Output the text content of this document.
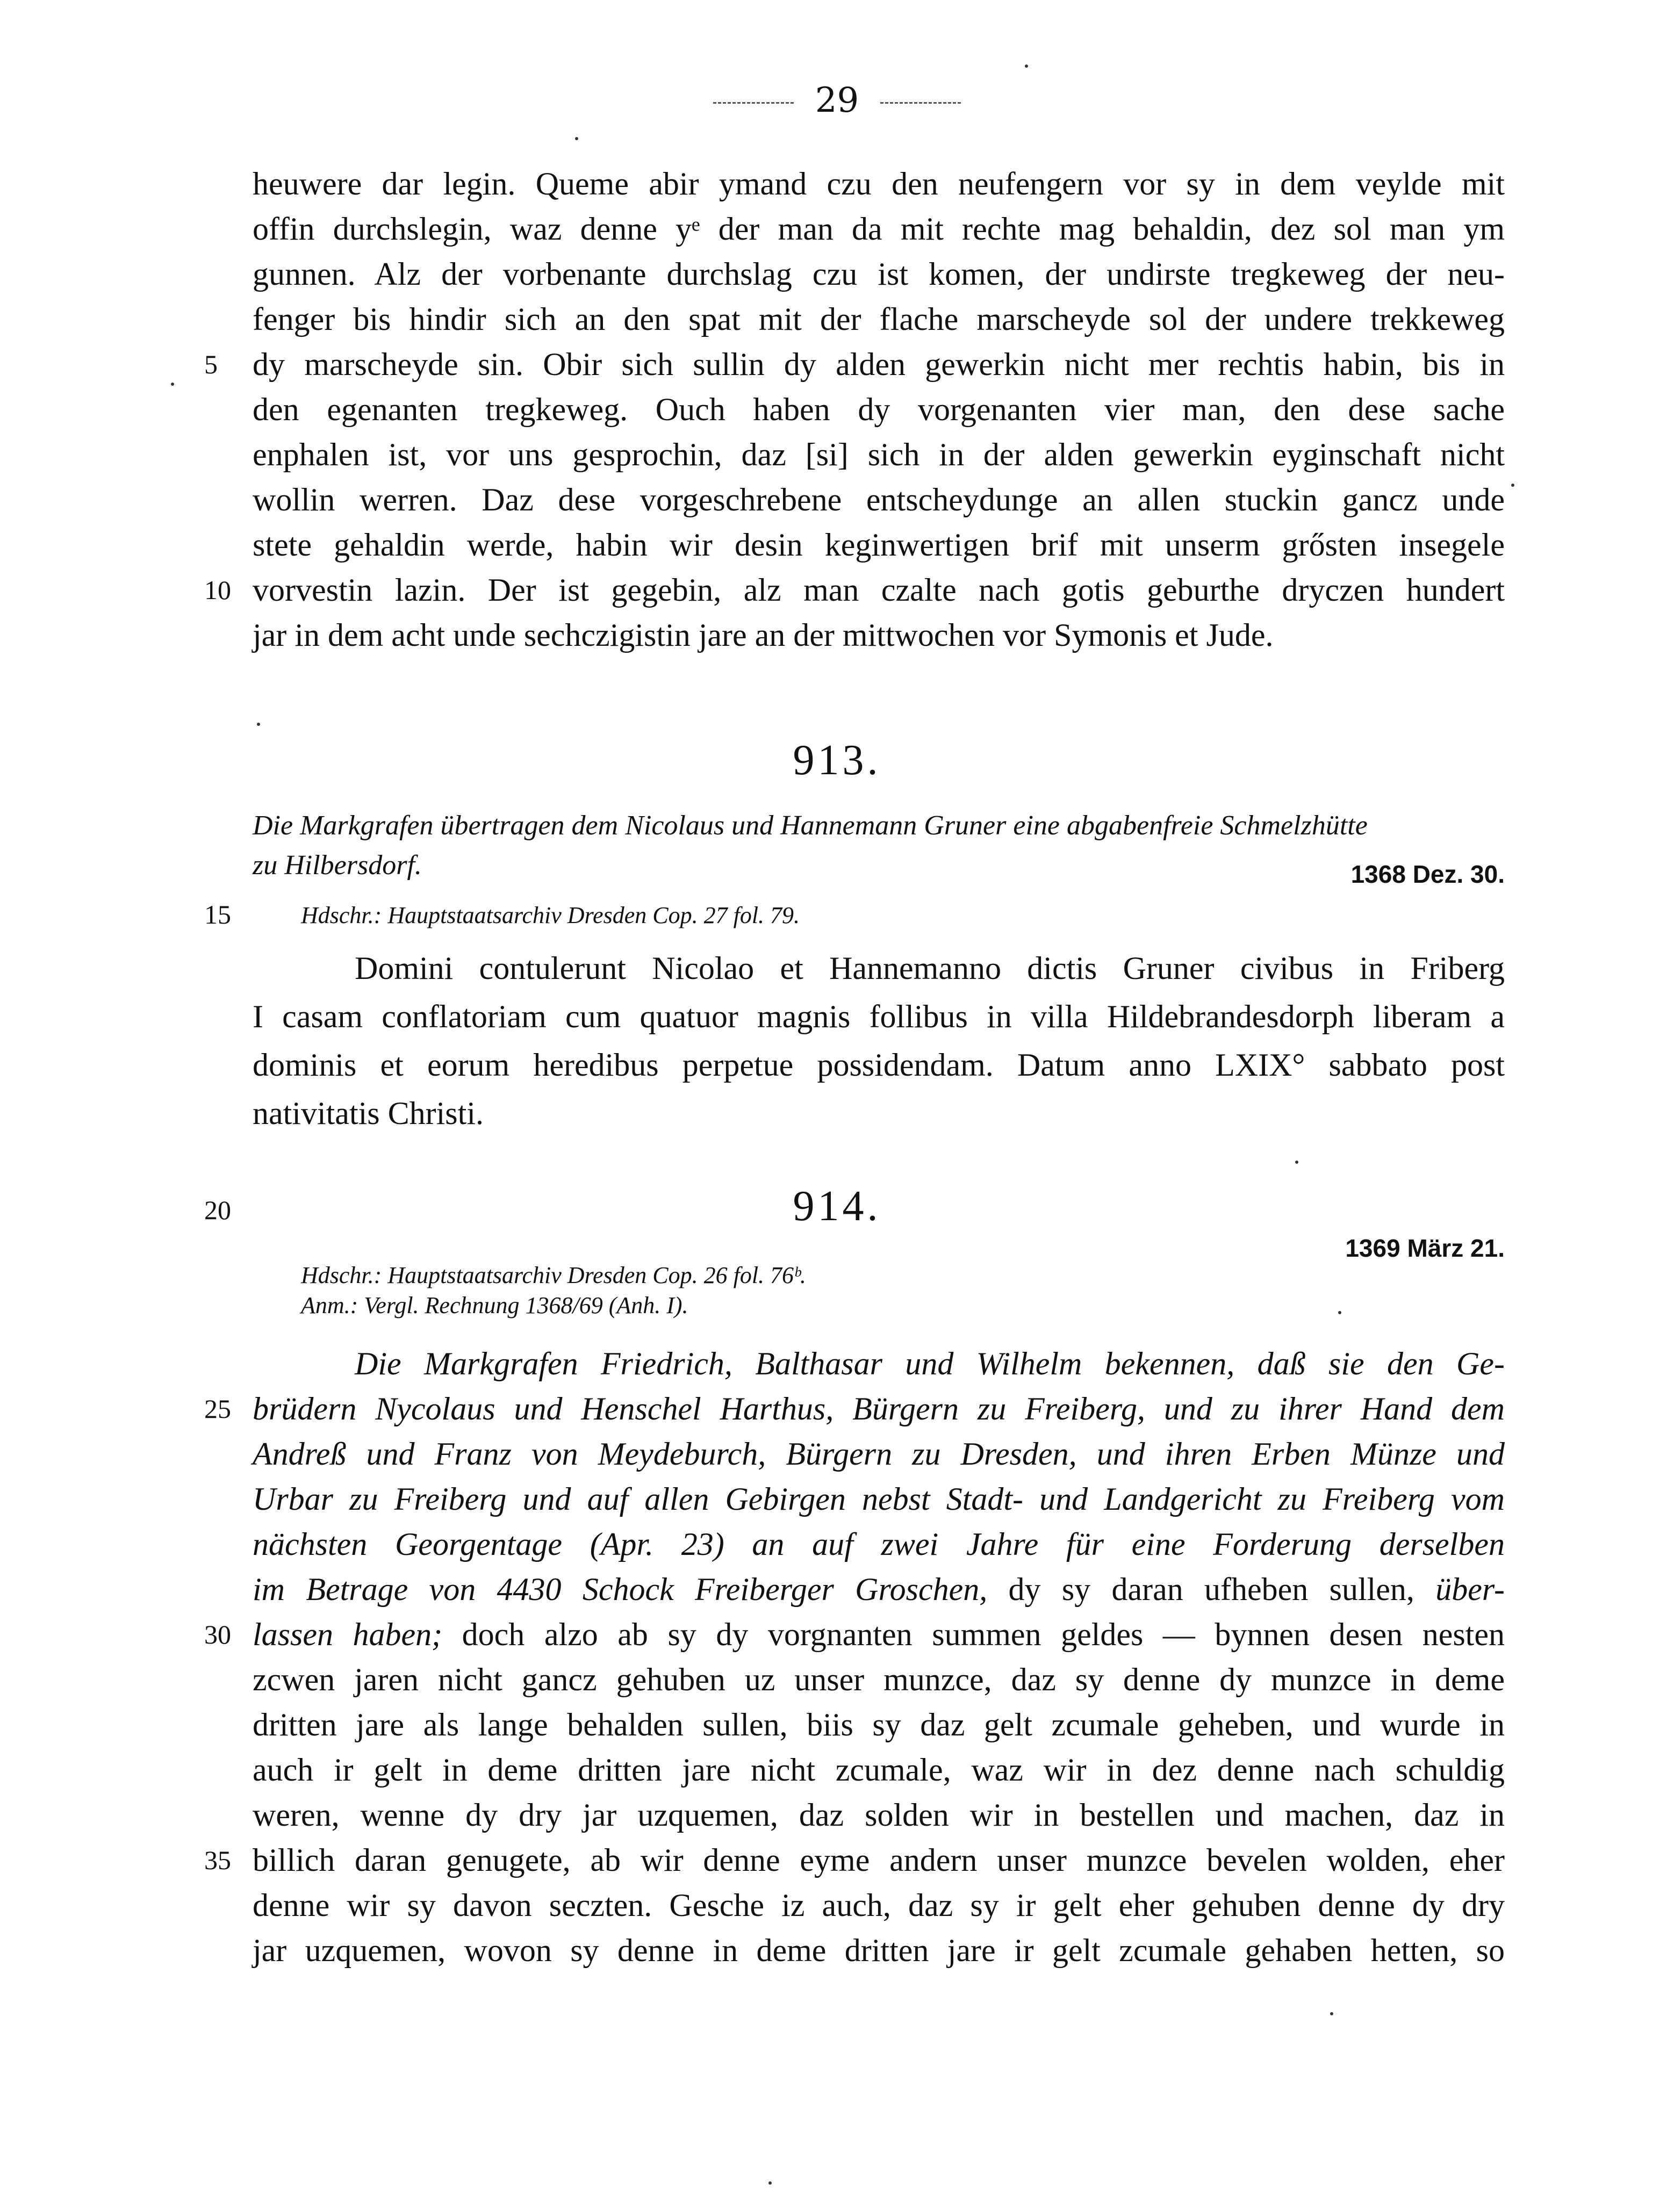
29
heuwere dar legin. Queme abir ymand czu den neufengern vor sy in dem veylde mit
offin durchslegin, waz denne yᵉ der man da mit rechte mag behaldin, dez sol man ym
gunnen. Alz der vorbenante durchslag czu ist komen, der undirste tregkeweg der neu-
fenger bis hindir sich an den spat mit der flache marscheyde sol der undere trekkeweg
dy marscheyde sin. Obir sich sullin dy alden gewerkin nicht mer rechtis habin, bis in
den egenanten tregkeweg. Ouch haben dy vorgenanten vier man, den dese sache
enphalen ist, vor uns gesprochin, daz [si] sich in der alden gewerkin eyginschaft nicht
wollin werren. Daz dese vorgeschrebene entscheydunge an allen stuckin gancz unde
stete gehaldin werde, habin wir desin keginwertigen brif mit unserm grősten insegele
vorvestin lazin. Der ist gegebin, alz man czalte nach gotis geburthe dryczen hundert
jar in dem acht unde sechczigistin jare an der mittwochen vor Symonis et Jude.
5
10
913.
Die Markgrafen übertragen dem Nicolaus und Hannemann Gruner eine abgabenfreie Schmelzhütte
zu Hilbersdorf.	1368 Dez. 30.
15	Hdschr.: Hauptstaatsarchiv Dresden Cop. 27 fol. 79.
Domini contulerunt Nicolao et Hannemanno dictis Gruner civibus in Friberg
I casam conflatoriam cum quatuor magnis follibus in villa Hildebrandesdorph liberam a
dominis et eorum heredibus perpetue possidendam. Datum anno LXIX° sabbato post
nativitatis Christi.
20	914.
1369 März 21.
Hdschr.: Hauptstaatsarchiv Dresden Cop. 26 fol. 76ᵇ.
Anm.: Vergl. Rechnung 1368/69 (Anh. I).
Die Markgrafen Friedrich, Balthasar und Wilhelm bekennen, daß sie den Ge-
brüdern Nycolaus und Henschel Harthus, Bürgern zu Freiberg, und zu ihrer Hand dem
Andreß und Franz von Meydeburch, Bürgern zu Dresden, und ihren Erben Münze und
Urbar zu Freiberg und auf allen Gebirgen nebst Stadt- und Landgericht zu Freiberg vom
nächsten Georgentage (Apr. 23) an auf zwei Jahre für eine Forderung derselben
im Betrage von 4430 Schock Freiberger Groschen, dy sy daran ufheben sullen, über-
lassen haben; doch alzo ab sy dy vorgnanten summen geldes — bynnen desen nesten
zcwen jaren nicht gancz gehuben uz unser munzce, daz sy denne dy munzce in deme
dritten jare als lange behalden sullen, biis sy daz gelt zcumale geheben, und wurde in
auch ir gelt in deme dritten jare nicht zcumale, waz wir in dez denne nach schuldig
weren, wenne dy dry jar uzquemen, daz solden wir in bestellen und machen, daz in
billich daran genugete, ab wir denne eyme andern unser munzce bevelen wolden, eher
denne wir sy davon seczten. Gesche iz auch, daz sy ir gelt eher gehuben denne dy dry
jar uzquemen, wovon sy denne in deme dritten jare ir gelt zcumale gehaben hetten, so
25
30
35
